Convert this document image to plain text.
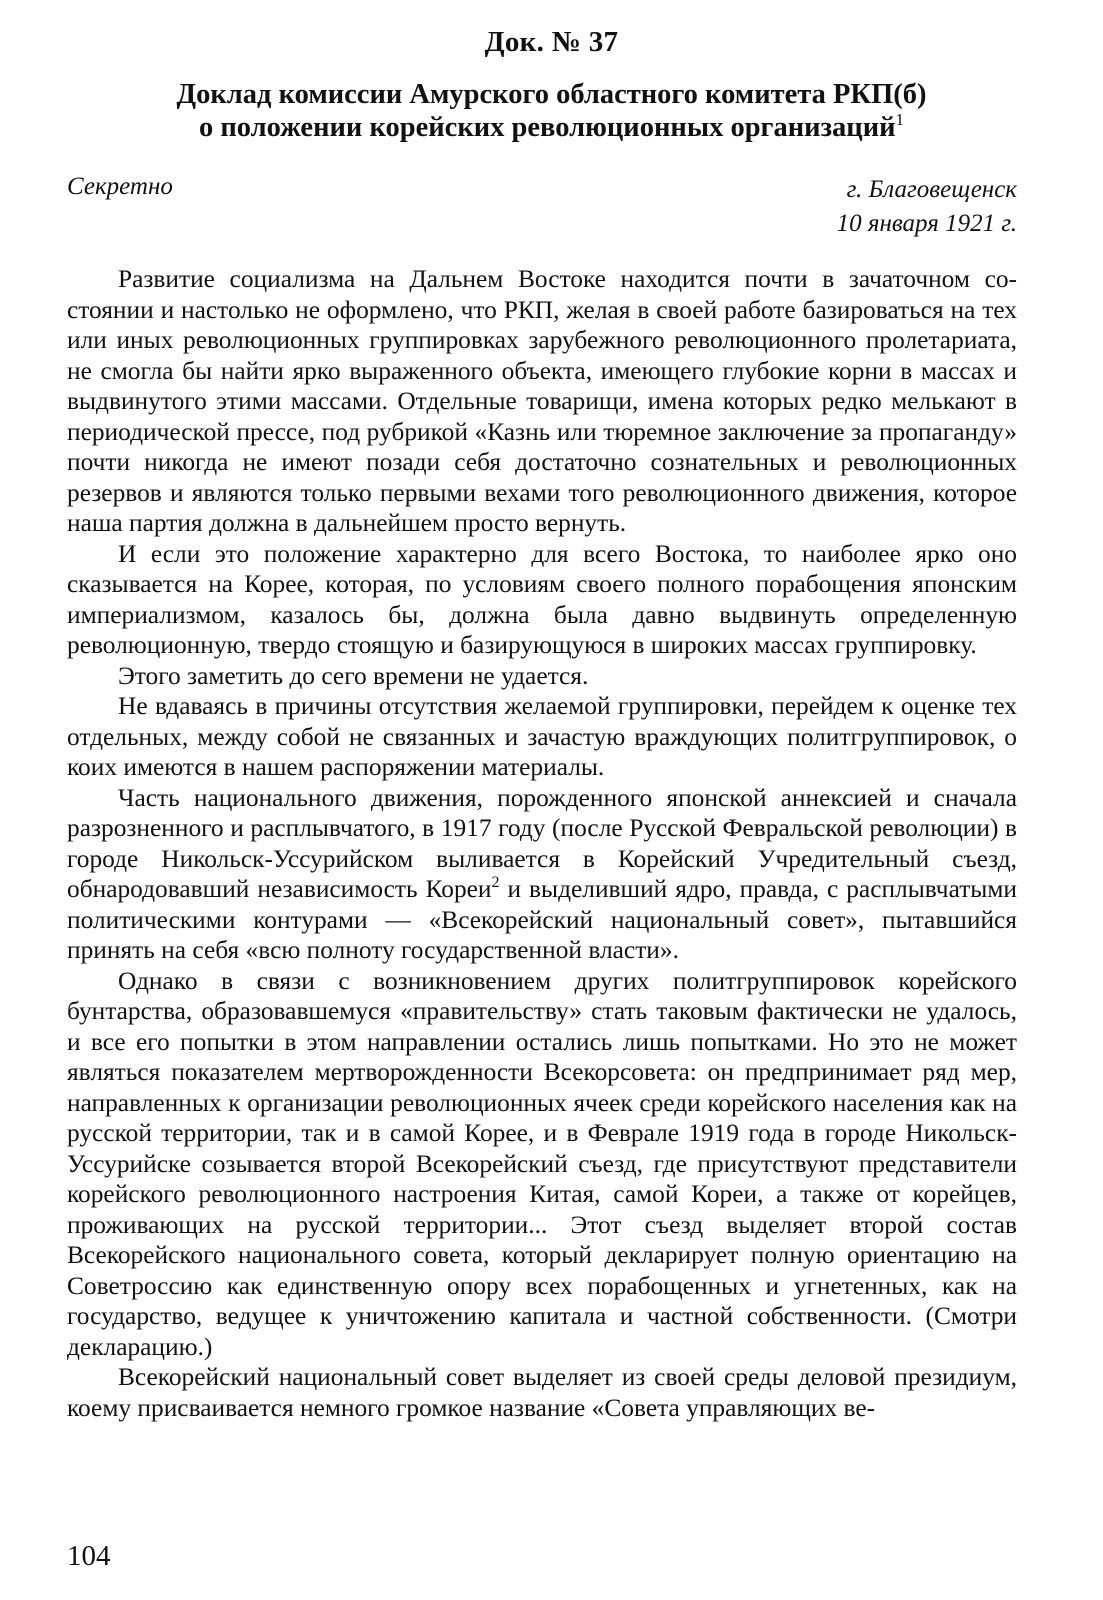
Док. № 37
Доклад комиссии Амурского областного комитета РКП(б)
о положении корейских революционных организаций$^1$
Секретно	г. Благовещенск
10 января 1921 г.

Развитие социализма на Дальнем Востоке находится почти в зачаточном состоянии и настолько не оформлено, что РКП, желая в своей работе базироваться на тех или иных революционных группировках зарубежного революционного пролетариата, не смогла бы найти ярко выраженного объекта, имеющего глубокие корни в массах и выдвинутого этими массами. Отдельные товарищи, имена которых редко мелькают в периодической прессе, под рубрикой «Казнь или тюремное заключение за пропаганду» почти никогда не имеют позади себя достаточно сознательных и революционных резервов и являются только первыми вехами того революционного движения, которое наша партия должна в дальнейшем просто вернуть.

И если это положение характерно для всего Востока, то наиболее ярко оно сказывается на Корее, которая, по условиям своего полного порабощения японским империализмом, казалось бы, должна была давно выдвинуть определенную революционную, твердо стоящую и базирующуюся в широких массах группировку.

Этого заметить до сего времени не удается.

Не вдаваясь в причины отсутствия желаемой группировки, перейдем к оценке тех отдельных, между собой не связанных и зачастую враждующих политгруппировок, о коих имеются в нашем распоряжении материалы.

Часть национального движения, порожденного японской аннексией и сначала разрозненного и расплывчатого, в 1917 году (после Русской Февральской революции) в городе Никольск-Уссурийском выливается в Корейский Учредительный съезд, обнародовавший независимость Кореи$^2$ и выделивший ядро, правда, с расплывчатыми политическими контурами — «Всекорейский национальный совет», пытавшийся принять на себя «всю полноту государственной власти».

Однако в связи с возникновением других политгруппировок корейского бунтарства, образовавшемуся «правительству» стать таковым фактически не удалось, и все его попытки в этом направлении остались лишь попытками. Но это не может являться показателем мертворожденности Всекорсовета: он предпринимает ряд мер, направленных к организации революционных ячеек среди корейского населения как на русской территории, так и в самой Корее, и в Феврале 1919 года в городе Никольск-Уссурийске созывается второй Всекорейский съезд, где присутствуют представители корейского революционного настроения Китая, самой Кореи, а также от корейцев, проживающих на русской территории... Этот съезд выделяет второй состав Всекорейского национального совета, который декларирует полную ориентацию на Советроссию как единственную опору всех порабощенных и угнетенных, как на государство, ведущее к уничтожению капитала и частной собственности. (Смотри декларацию.)

Всекорейский национальный совет выделяет из своей среды деловой президиум, коему присваивается немного громкое название «Совета управляющих ве-

104
